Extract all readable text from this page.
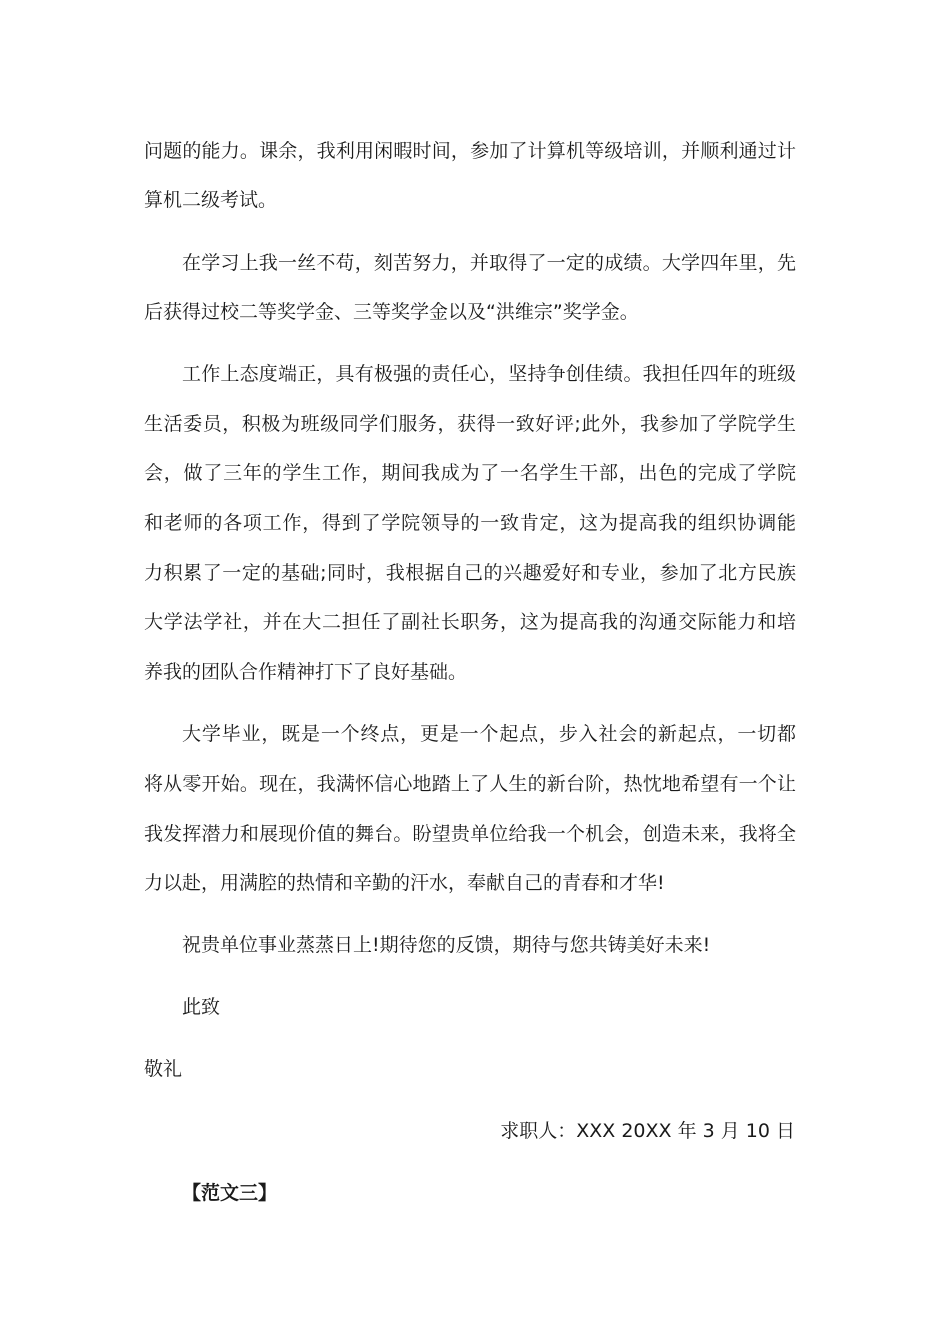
问题的能力。课余，我利用闲暇时间，参加了计算机等级培训，并顺利通过计
算机二级考试。
在学习上我一丝不苟，刻苦努力，并取得了一定的成绩。大学四年里，先
后获得过校二等奖学金、三等奖学金以及“洪维宗”奖学金。
工作上态度端正，具有极强的责任心，坚持争创佳绩。我担任四年的班级
生活委员，积极为班级同学们服务，获得一致好评;此外，我参加了学院学生
会，做了三年的学生工作，期间我成为了一名学生干部，出色的完成了学院
和老师的各项工作，得到了学院领导的一致肯定，这为提高我的组织协调能
力积累了一定的基础;同时，我根据自己的兴趣爱好和专业，参加了北方民族
大学法学社，并在大二担任了副社长职务，这为提高我的沟通交际能力和培
养我的团队合作精神打下了良好基础。
大学毕业，既是一个终点，更是一个起点，步入社会的新起点，一切都
将从零开始。现在，我满怀信心地踏上了人生的新台阶，热忱地希望有一个让
我发挥潜力和展现价值的舞台。盼望贵单位给我一个机会，创造未来，我将全
力以赴，用满腔的热情和辛勤的汗水，奉献自己的青春和才华!
祝贵单位事业蒸蒸日上!期待您的反馈，期待与您共铸美好未来!
此致
敬礼
求职人：XXX 20XX 年 3 月 10 日
【范文三】
